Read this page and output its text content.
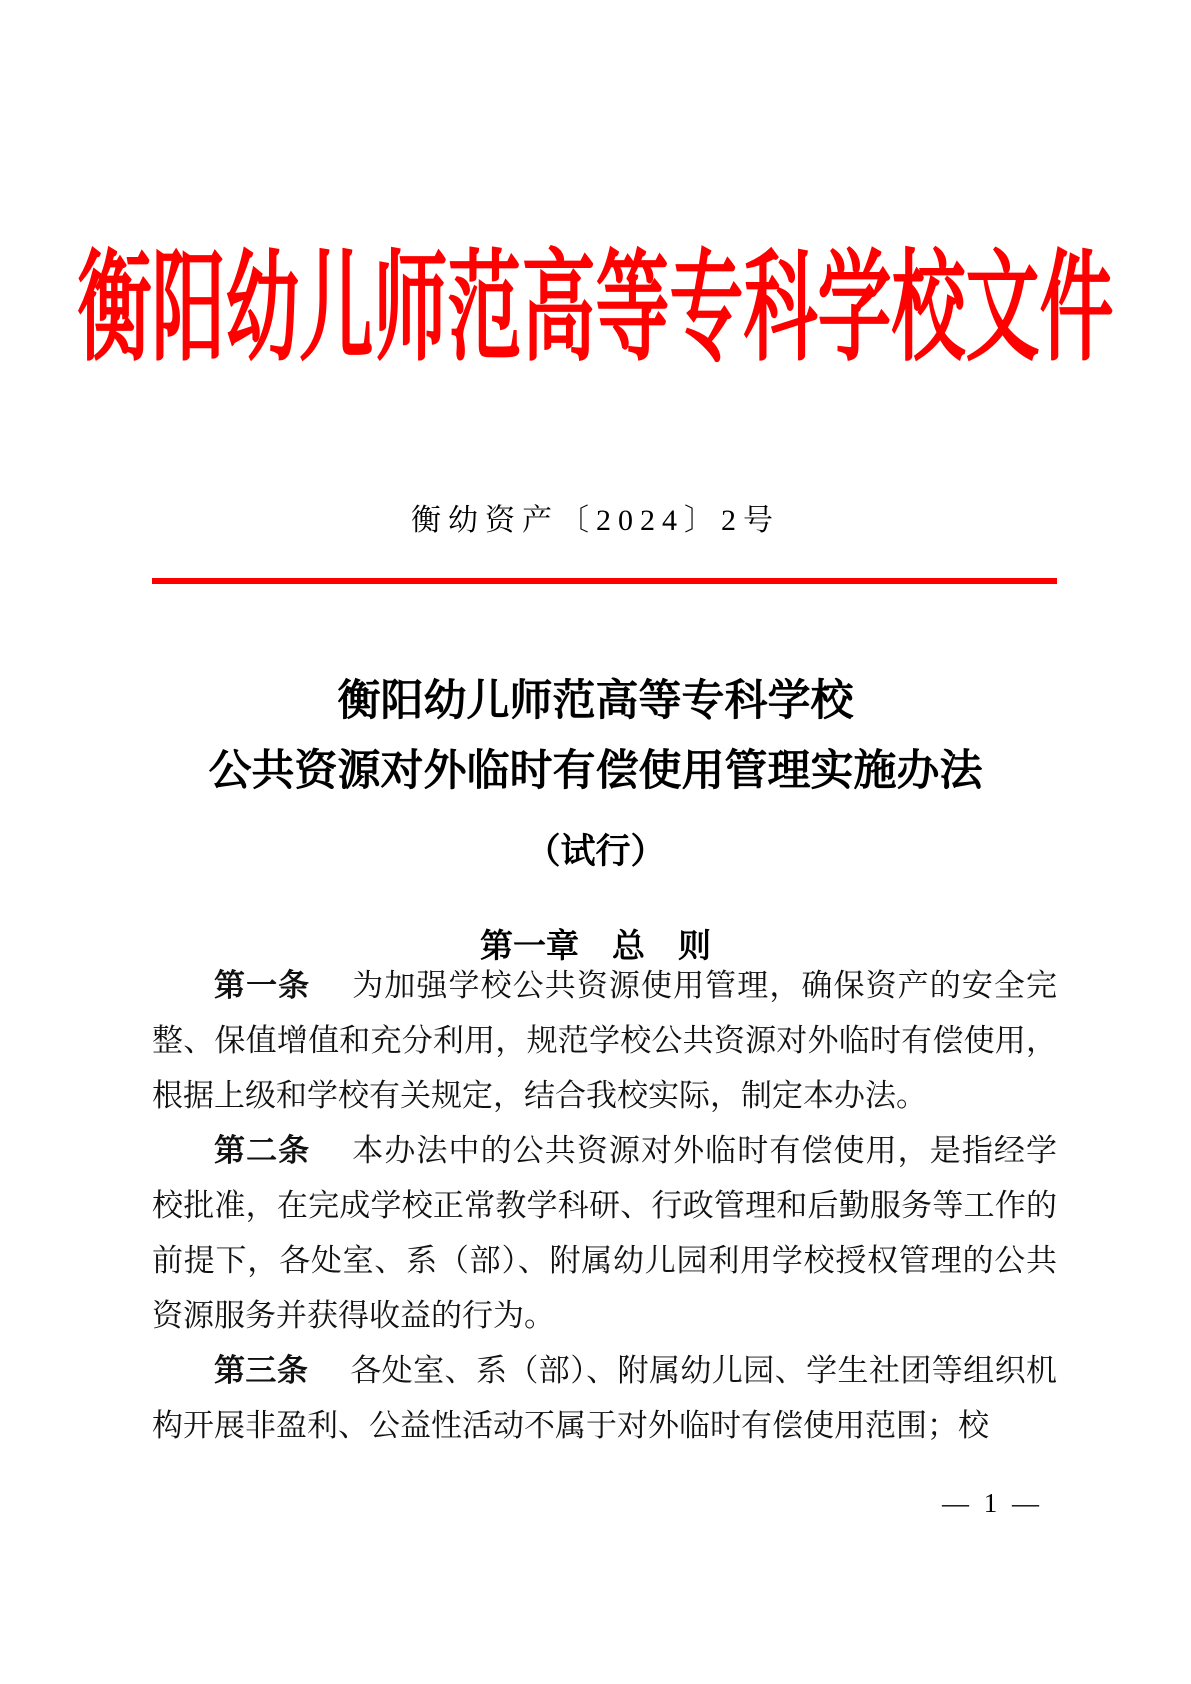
衡阳幼儿师范高等专科学校文件
衡幼资产〔2024〕2号
衡阳幼儿师范高等专科学校
公共资源对外临时有偿使用管理实施办法
（试行）
第一章　总　则

第一条 为加强学校公共资源使用管理，确保资产的安全完整、保值增值和充分利用，规范学校公共资源对外临时有偿使用，根据上级和学校有关规定，结合我校实际，制定本办法。

第二条 本办法中的公共资源对外临时有偿使用，是指经学校批准，在完成学校正常教学科研、行政管理和后勤服务等工作的前提下，各处室、系（部）、附属幼儿园利用学校授权管理的公共资源服务并获得收益的行为。

第三条 各处室、系（部）、附属幼儿园、学生社团等组织机构开展非盈利、公益性活动不属于对外临时有偿使用范围；校

— 1 —
